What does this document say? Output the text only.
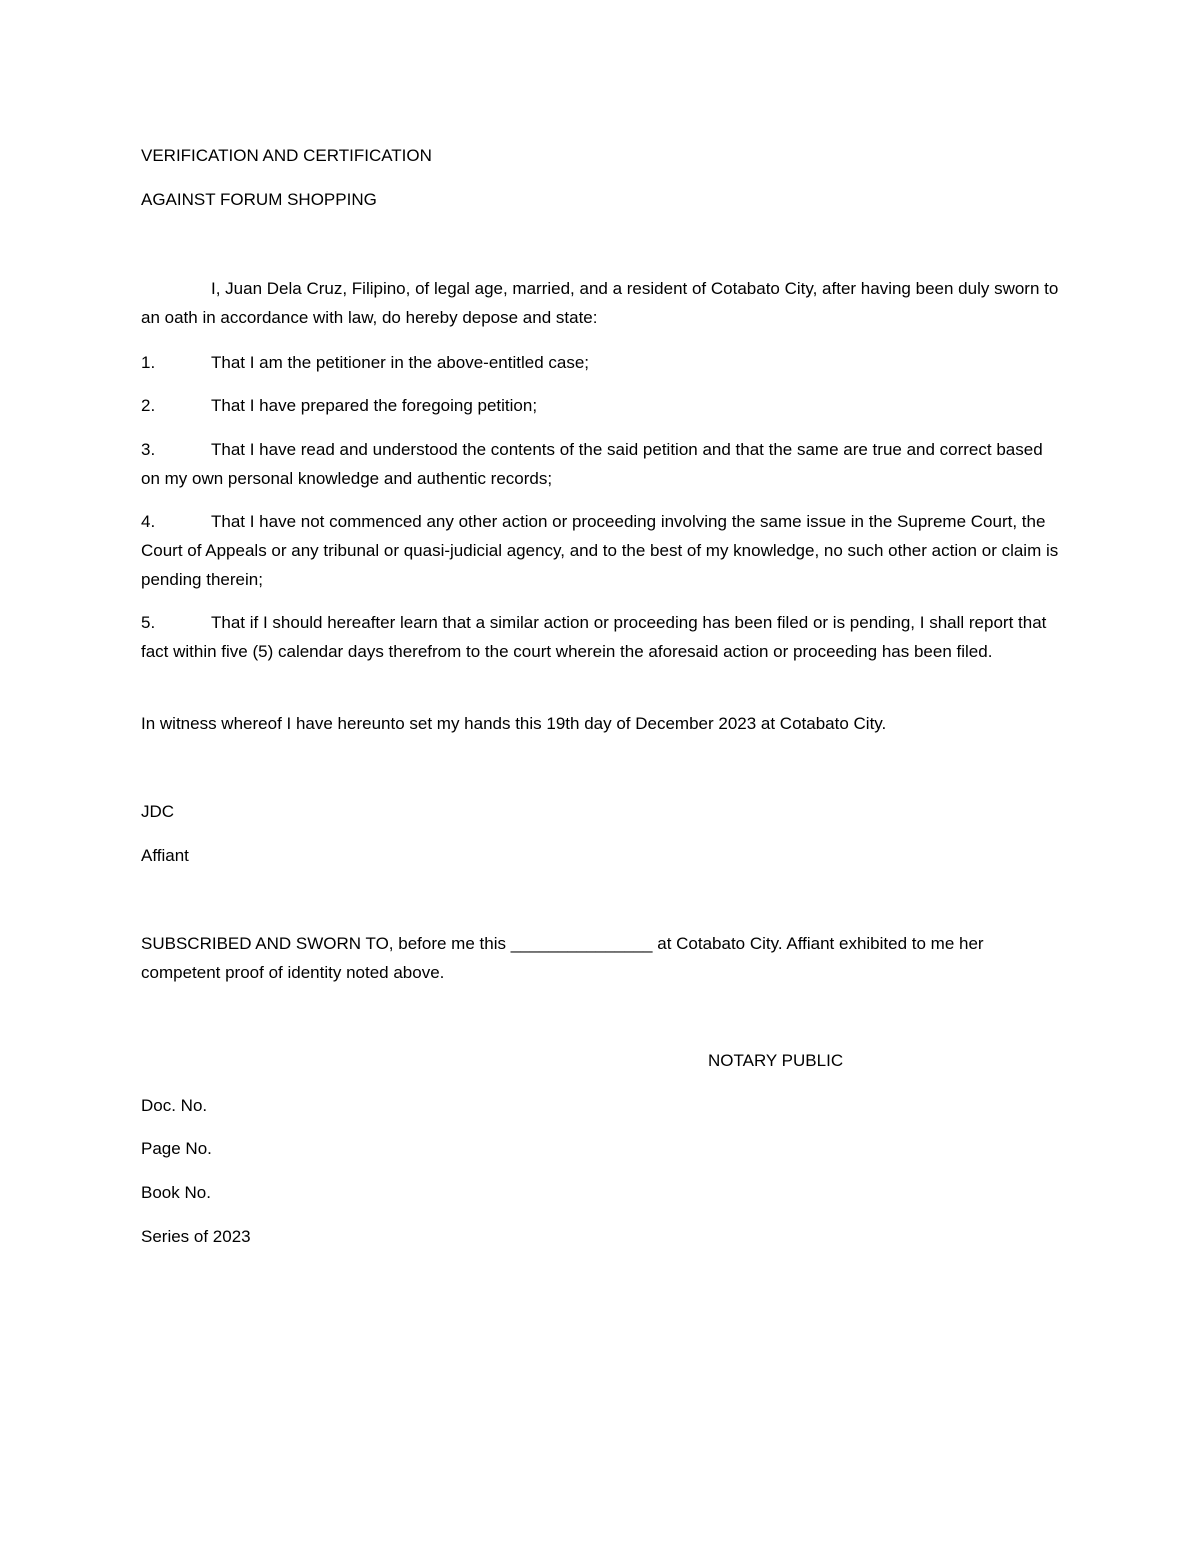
VERIFICATION AND CERTIFICATION
AGAINST FORUM SHOPPING
I, Juan Dela Cruz, Filipino, of legal age, married, and a resident of Cotabato City, after having been duly sworn to an oath in accordance with law, do hereby depose and state:
1.	That I am the petitioner in the above-entitled case;
2.	That I have prepared the foregoing petition;
3.	That I have read and understood the contents of the said petition and that the same are true and correct based on my own personal knowledge and authentic records;
4.	That I have not commenced any other action or proceeding involving the same issue in the Supreme Court, the Court of Appeals or any tribunal or quasi-judicial agency, and to the best of my knowledge, no such other action or claim is pending therein;
5.	That if I should hereafter learn that a similar action or proceeding has been filed or is pending, I shall report that fact within five (5) calendar days therefrom to the court wherein the aforesaid action or proceeding has been filed.
In witness whereof I have hereunto set my hands this 19th day of December 2023 at Cotabato City.
JDC
Affiant
SUBSCRIBED AND SWORN TO, before me this _______________ at Cotabato City. Affiant exhibited to me her competent proof of identity noted above.
NOTARY PUBLIC
Doc. No.
Page No.
Book No.
Series of 2023
